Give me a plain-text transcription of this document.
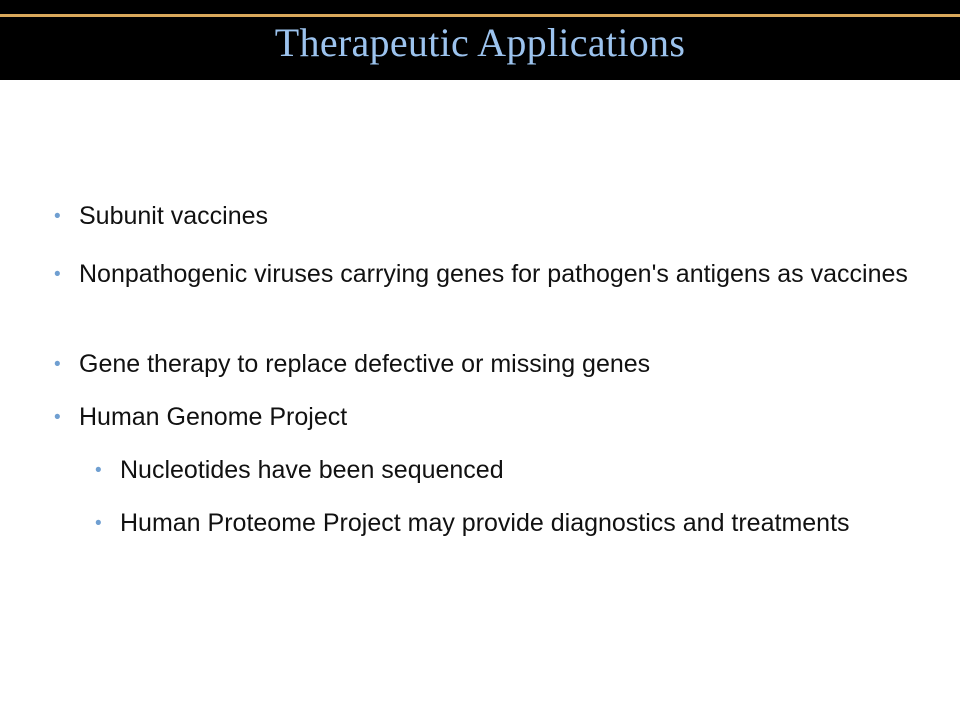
Therapeutic Applications
• Subunit vaccines
• Nonpathogenic viruses carrying genes for pathogen's antigens as vaccines
• Gene therapy to replace defective or missing genes
• Human Genome Project
• Nucleotides have been sequenced
• Human Proteome Project may provide diagnostics and treatments
